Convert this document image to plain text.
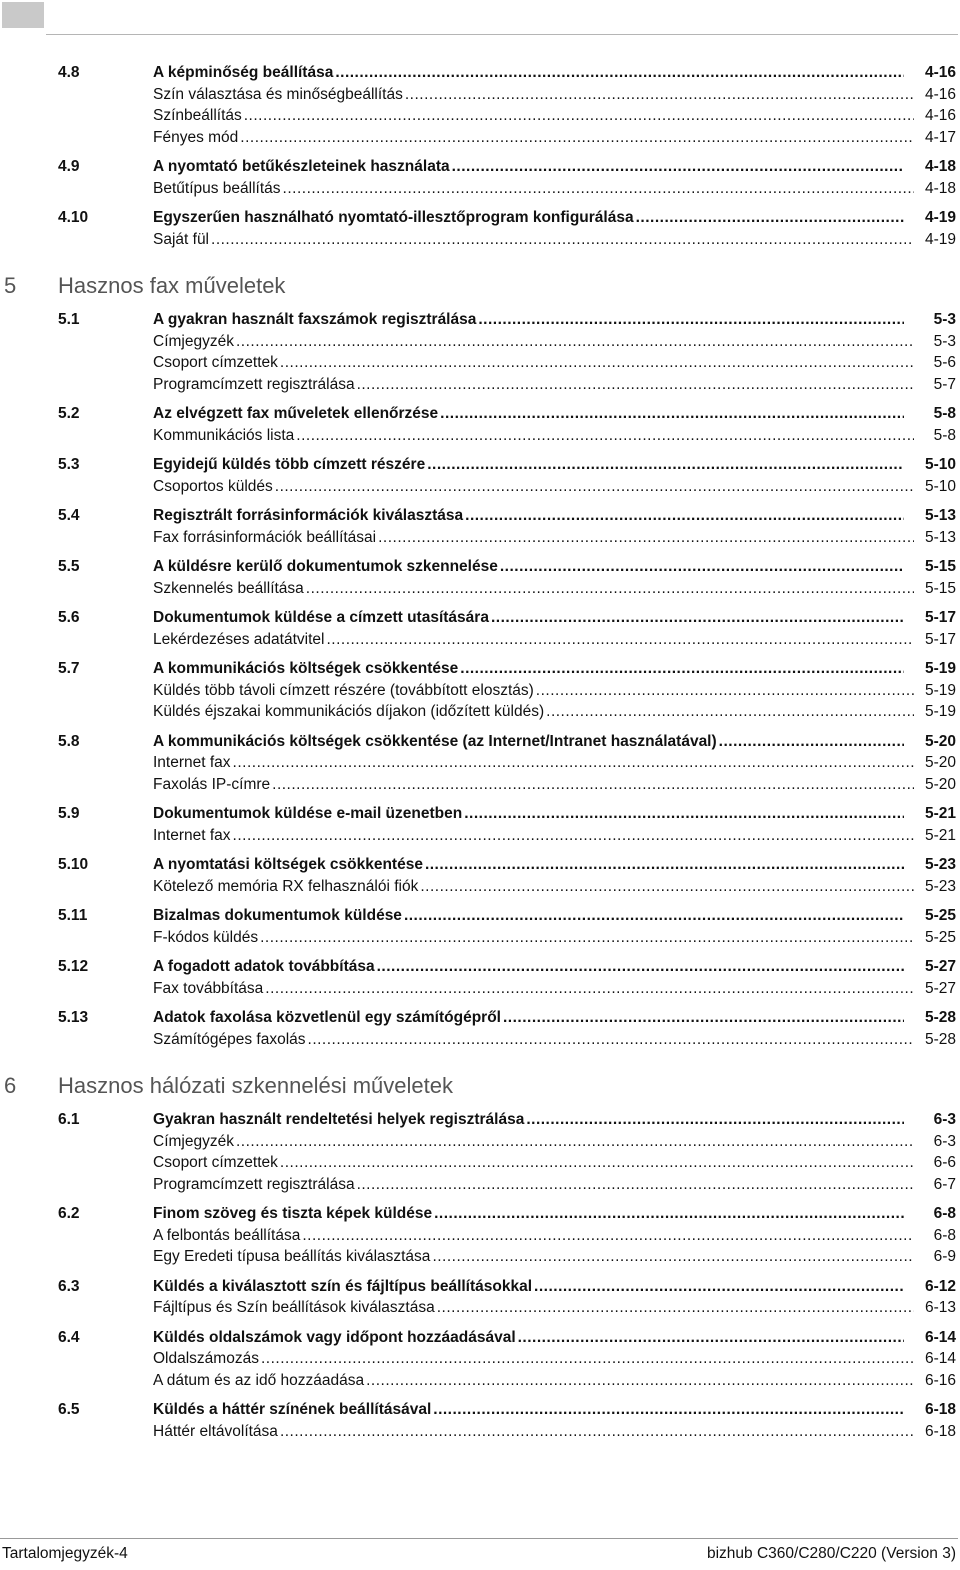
4.8	A képminőség beállítása .....	4-16
Szín választása és minőségbeállítás .....	4-16
Színbeállítás .....	4-16
Fényes mód .....	4-17
4.9	A nyomtató betűkészleteinek használata .....	4-18
Betűtípus beállítás .....	4-18
4.10	Egyszerűen használható nyomtató-illesztőprogram konfigurálása .....	4-19
Saját fül .....	4-19
5 Hasznos fax műveletek
5.1	A gyakran használt faxszámok regisztrálása .....	5-3
Címjegyzék .....	5-3
Csoport címzettek .....	5-6
Programcímzett regisztrálása .....	5-7
5.2	Az elvégzett fax műveletek ellenőrzése .....	5-8
Kommunikációs lista .....	5-8
5.3	Egyidejű küldés több címzett részére .....	5-10
Csoportos küldés .....	5-10
5.4	Regisztrált forrásinformációk kiválasztása .....	5-13
Fax forrásinformációk beállításai .....	5-13
5.5	A küldésre kerülő dokumentumok szkennelése .....	5-15
Szkennelés beállítása .....	5-15
5.6	Dokumentumok küldése a címzett utasítására .....	5-17
Lekérdezéses adatátvitel .....	5-17
5.7	A kommunikációs költségek csökkentése .....	5-19
Küldés több távoli címzett részére (továbbított elosztás) .....	5-19
Küldés éjszakai kommunikációs díjakon (időzített küldés) .....	5-19
5.8	A kommunikációs költségek csökkentése (az Internet/Intranet használatával) .....	5-20
Internet fax .....	5-20
Faxolás IP-címre .....	5-20
5.9	Dokumentumok küldése e-mail üzenetben .....	5-21
Internet fax .....	5-21
5.10	A nyomtatási költségek csökkentése .....	5-23
Kötelező memória RX felhasználói fiók .....	5-23
5.11	Bizalmas dokumentumok küldése .....	5-25
F-kódos küldés .....	5-25
5.12	A fogadott adatok továbbítása .....	5-27
Fax továbbítása .....	5-27
5.13	Adatok faxolása közvetlenül egy számítógépről .....	5-28
Számítógépes faxolás .....	5-28
6 Hasznos hálózati szkennelési műveletek
6.1	Gyakran használt rendeltetési helyek regisztrálása .....	6-3
Címjegyzék .....	6-3
Csoport címzettek .....	6-6
Programcímzett regisztrálása .....	6-7
6.2	Finom szöveg és tiszta képek küldése .....	6-8
A felbontás beállítása .....	6-8
Egy Eredeti típusa beállítás kiválasztása .....	6-9
6.3	Küldés a kiválasztott szín és fájltípus beállításokkal .....	6-12
Fájltípus és Szín beállítások kiválasztása .....	6-13
6.4	Küldés oldalszámok vagy időpont hozzáadásával .....	6-14
Oldalszámozás .....	6-14
A dátum és az idő hozzáadása .....	6-16
6.5	Küldés a háttér színének beállításával .....	6-18
Háttér eltávolítása .....	6-18
Tartalomjegyzék-4	bizhub C360/C280/C220 (Version 3)
